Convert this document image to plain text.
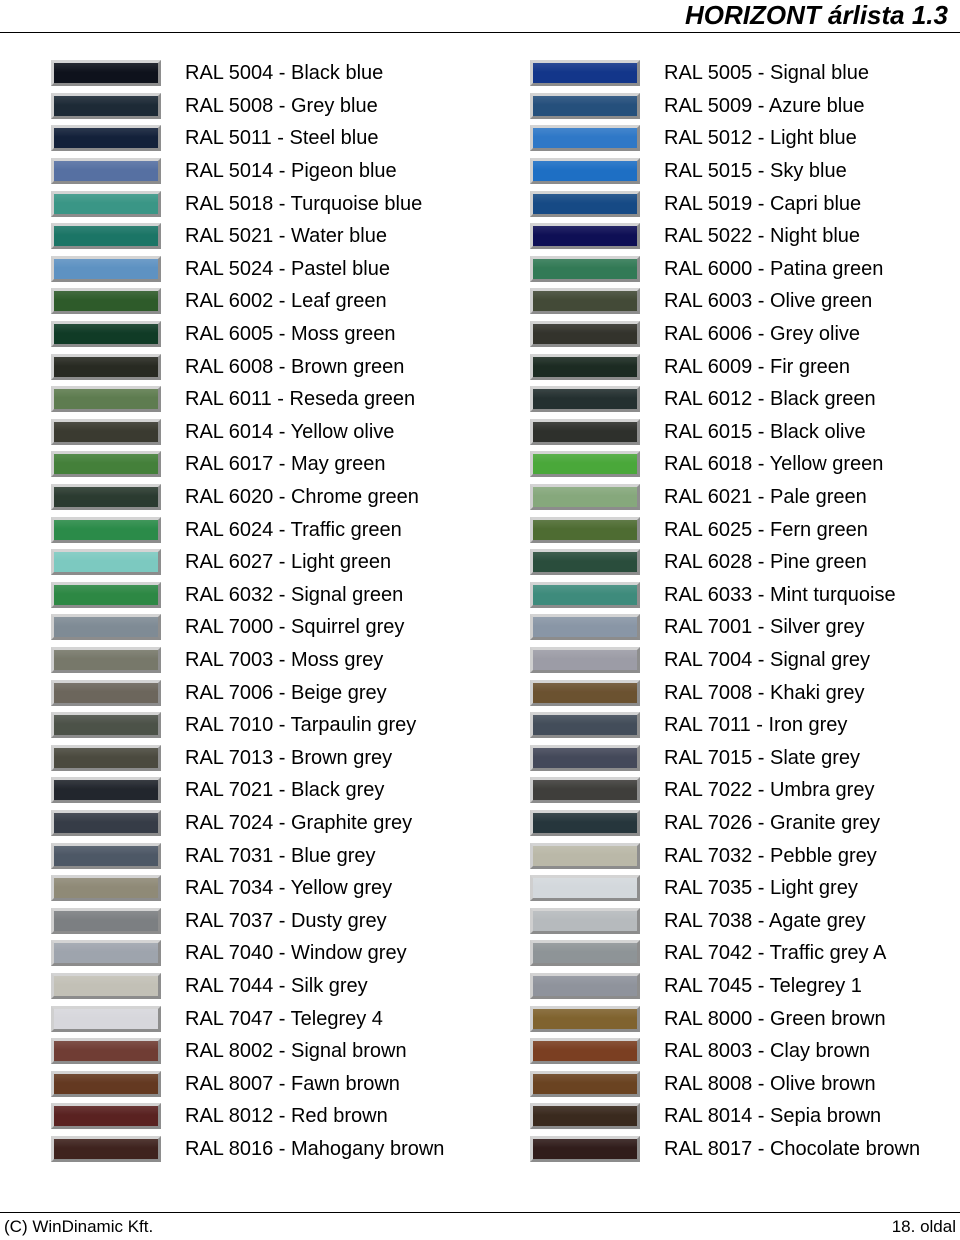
HORIZONT árlista 1.3
RAL 5004 - Black blue
RAL 5008 - Grey blue
RAL 5011 - Steel blue
RAL 5014 - Pigeon blue
RAL 5018 - Turquoise blue
RAL 5021 - Water blue
RAL 5024 - Pastel blue
RAL 6002 - Leaf green
RAL 6005 - Moss green
RAL 6008 - Brown green
RAL 6011 - Reseda green
RAL 6014 - Yellow olive
RAL 6017 - May green
RAL 6020 - Chrome green
RAL 6024 - Traffic green
RAL 6027 - Light green
RAL 6032 - Signal green
RAL 7000 - Squirrel grey
RAL 7003 - Moss grey
RAL 7006 - Beige grey
RAL 7010 - Tarpaulin grey
RAL 7013 - Brown grey
RAL 7021 - Black grey
RAL 7024 - Graphite grey
RAL 7031 - Blue grey
RAL 7034 - Yellow grey
RAL 7037 - Dusty grey
RAL 7040 - Window grey
RAL 7044 - Silk grey
RAL 7047 - Telegrey 4
RAL 8002 - Signal brown
RAL 8007 - Fawn brown
RAL 8012 - Red brown
RAL 8016 - Mahogany brown
RAL 5005 - Signal blue
RAL 5009 - Azure blue
RAL 5012 - Light blue
RAL 5015 - Sky blue
RAL 5019 - Capri blue
RAL 5022 - Night blue
RAL 6000 - Patina green
RAL 6003 - Olive green
RAL 6006 - Grey olive
RAL 6009 - Fir green
RAL 6012 - Black green
RAL 6015 - Black olive
RAL 6018 - Yellow green
RAL 6021 - Pale green
RAL 6025 - Fern green
RAL 6028 - Pine green
RAL 6033 - Mint turquoise
RAL 7001 - Silver grey
RAL 7004 - Signal grey
RAL 7008 - Khaki grey
RAL 7011 - Iron grey
RAL 7015 - Slate grey
RAL 7022 - Umbra grey
RAL 7026 - Granite grey
RAL 7032 - Pebble grey
RAL 7035 - Light grey
RAL 7038 - Agate grey
RAL 7042 - Traffic grey A
RAL 7045 - Telegrey 1
RAL 8000 - Green brown
RAL 8003 - Clay brown
RAL 8008 - Olive brown
RAL 8014 - Sepia brown
RAL 8017 - Chocolate brown
(C) WinDinamic Kft.	18. oldal
